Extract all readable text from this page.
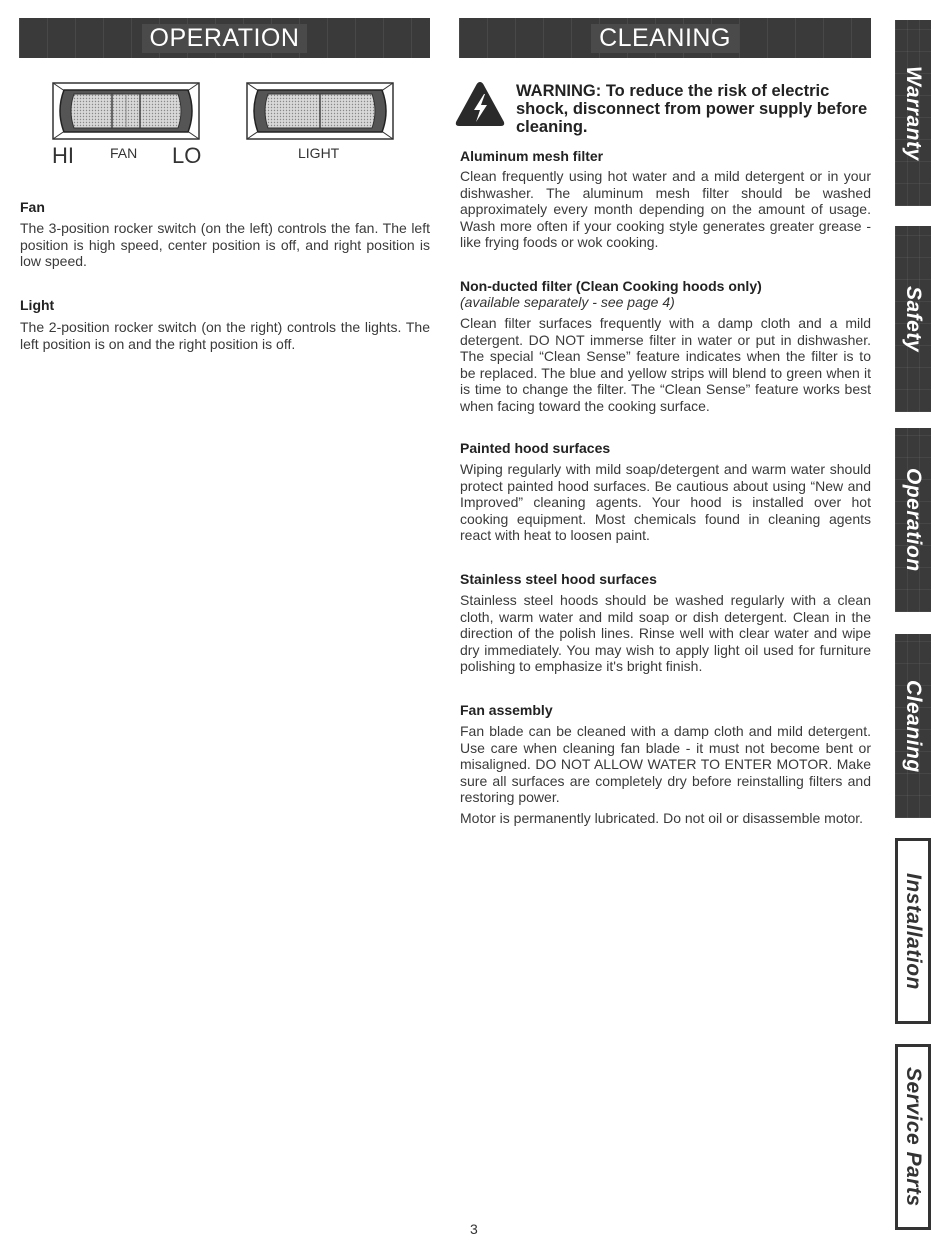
OPERATION
HI	FAN LO	LIGHT
Fan

The 3-position rocker switch (on the left) controls the fan. The left position is high speed, center position is off, and right position is low speed.

Light

The 2-position rocker switch (on the right) controls the lights. The left position is on and the right position is off.

CLEANING

WARNING: To reduce the risk of electric shock, disconnect from power supply before cleaning.

Aluminum mesh filter

Clean frequently using hot water and a mild detergent or in your dishwasher. The aluminum mesh filter should be washed approximately every month depending on the amount of usage. Wash more often if your cooking style generates greater grease - like frying foods or wok cooking.

Non-ducted filter (Clean Cooking hoods only)

(available separately - see page 4)

Clean filter surfaces frequently with a damp cloth and a mild detergent. DO NOT immerse filter in water or put in dishwasher. The special “Clean Sense” feature indicates when the filter is to be replaced. The blue and yellow strips will blend to green when it is time to change the filter. The “Clean Sense” feature works best when facing toward the cooking surface.

Painted hood surfaces

Wiping regularly with mild soap/detergent and warm water should protect painted hood surfaces. Be cautious about using “New and Improved” cleaning agents. Your hood is installed over hot cooking equipment. Most chemicals found in cleaning agents react with heat to loosen paint.

Stainless steel hood surfaces

Stainless steel hoods should be washed regularly with a clean cloth, warm water and mild soap or dish detergent. Clean in the direction of the polish lines. Rinse well with clear water and wipe dry immediately. You may wish to apply light oil used for furniture polishing to emphasize it's bright finish.

Fan assembly

Fan blade can be cleaned with a damp cloth and mild detergent. Use care when cleaning fan blade - it must not become bent or misaligned. DO NOT ALLOW WATER TO ENTER MOTOR. Make sure all surfaces are completely dry before reinstalling filters and restoring power.

Motor is permanently lubricated. Do not oil or disassemble motor.

Warranty
Safety
Operation
Cleaning
Installation
Service Parts
3
